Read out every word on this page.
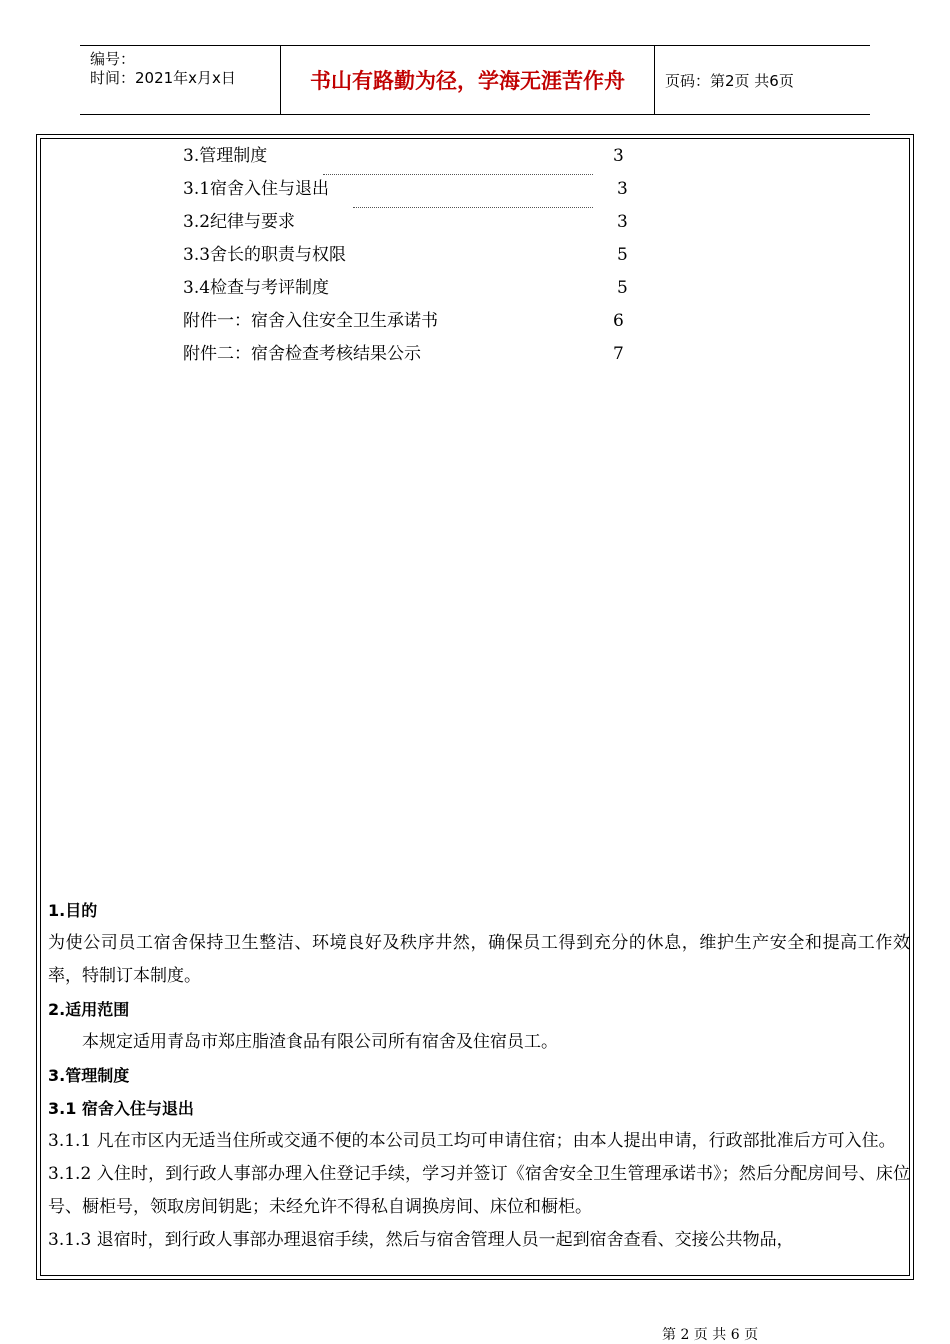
编号：
时间：2021年x月x日	书山有路勤为径，学海无涯苦作舟	页码：第2页 共6页
3.管理制度	3
3.1宿舍入住与退出	3
3.2纪律与要求	3
3.3舍长的职责与权限	5
3.4检查与考评制度	5
附件一：宿舍入住安全卫生承诺书	6
附件二：宿舍检查考核结果公示	7
1.目的
为使公司员工宿舍保持卫生整洁、环境良好及秩序井然，确保员工得到充分的休息，维护生产安全和提高工作效率，特制订本制度。
2.适用范围
本规定适用青岛市郑庄脂渣食品有限公司所有宿舍及住宿员工。
3.管理制度
3.1 宿舍入住与退出
3.1.1 凡在市区内无适当住所或交通不便的本公司员工均可申请住宿；由本人提出申请，行政部批准后方可入住。
3.1.2 入住时，到行政人事部办理入住登记手续，学习并签订《宿舍安全卫生管理承诺书》；然后分配房间号、床位号、橱柜号，领取房间钥匙；未经允许不得私自调换房间、床位和橱柜。
3.1.3 退宿时，到行政人事部办理退宿手续，然后与宿舍管理人员一起到宿舍查看、交接公共物品，
第 2 页 共 6 页
